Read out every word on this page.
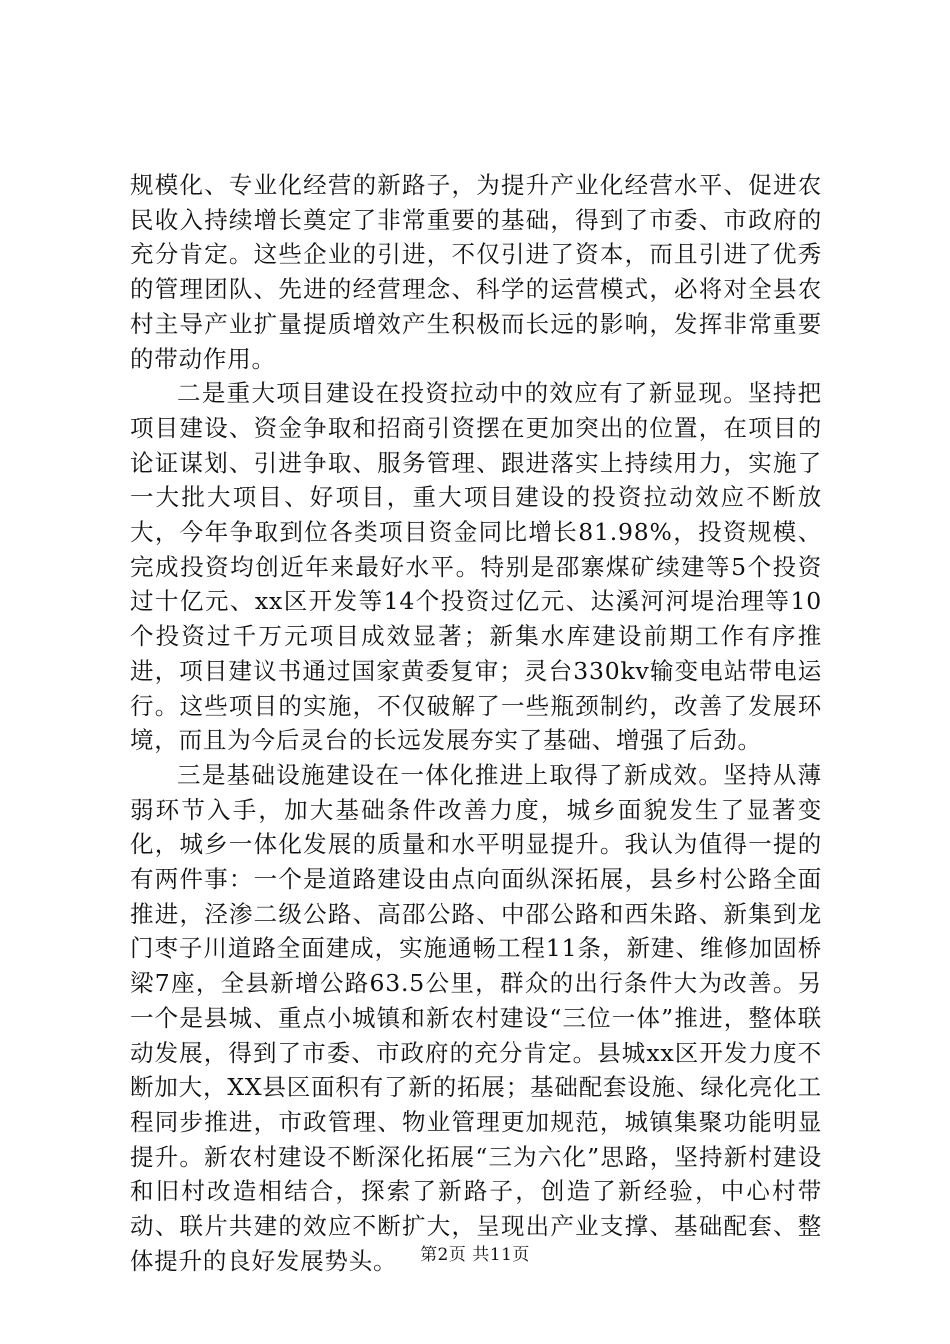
规模化、专业化经营的新路子，为提升产业化经营水平、促进农民收入持续增长奠定了非常重要的基础，得到了市委、市政府的充分肯定。这些企业的引进，不仅引进了资本，而且引进了优秀的管理团队、先进的经营理念、科学的运营模式，必将对全县农村主导产业扩量提质增效产生积极而长远的影响，发挥非常重要的带动作用。

二是重大项目建设在投资拉动中的效应有了新显现。坚持把项目建设、资金争取和招商引资摆在更加突出的位置，在项目的论证谋划、引进争取、服务管理、跟进落实上持续用力，实施了一大批大项目、好项目，重大项目建设的投资拉动效应不断放大，今年争取到位各类项目资金同比增长81.98%，投资规模、完成投资均创近年来最好水平。特别是邵寨煤矿续建等5个投资过十亿元、xx区开发等14个投资过亿元、达溪河河堤治理等10个投资过千万元项目成效显著；新集水库建设前期工作有序推进，项目建议书通过国家黄委复审；灵台330kv输变电站带电运行。这些项目的实施，不仅破解了一些瓶颈制约，改善了发展环境，而且为今后灵台的长远发展夯实了基础、增强了后劲。

三是基础设施建设在一体化推进上取得了新成效。坚持从薄弱环节入手，加大基础条件改善力度，城乡面貌发生了显著变化，城乡一体化发展的质量和水平明显提升。我认为值得一提的有两件事：一个是道路建设由点向面纵深拓展，县乡村公路全面推进，泾渗二级公路、高邵公路、中邵公路和西朱路、新集到龙门枣子川道路全面建成，实施通畅工程11条，新建、维修加固桥梁7座，全县新增公路63.5公里，群众的出行条件大为改善。另一个是县城、重点小城镇和新农村建设“三位一体”推进，整体联动发展，得到了市委、市政府的充分肯定。县城xx区开发力度不断加大，XX县区面积有了新的拓展；基础配套设施、绿化亮化工程同步推进，市政管理、物业管理更加规范，城镇集聚功能明显提升。新农村建设不断深化拓展“三为六化”思路，坚持新村建设和旧村改造相结合，探索了新路子，创造了新经验，中心村带动、联片共建的效应不断扩大，呈现出产业支撑、基础配套、整体提升的良好发展势头。	第2页 共11页
